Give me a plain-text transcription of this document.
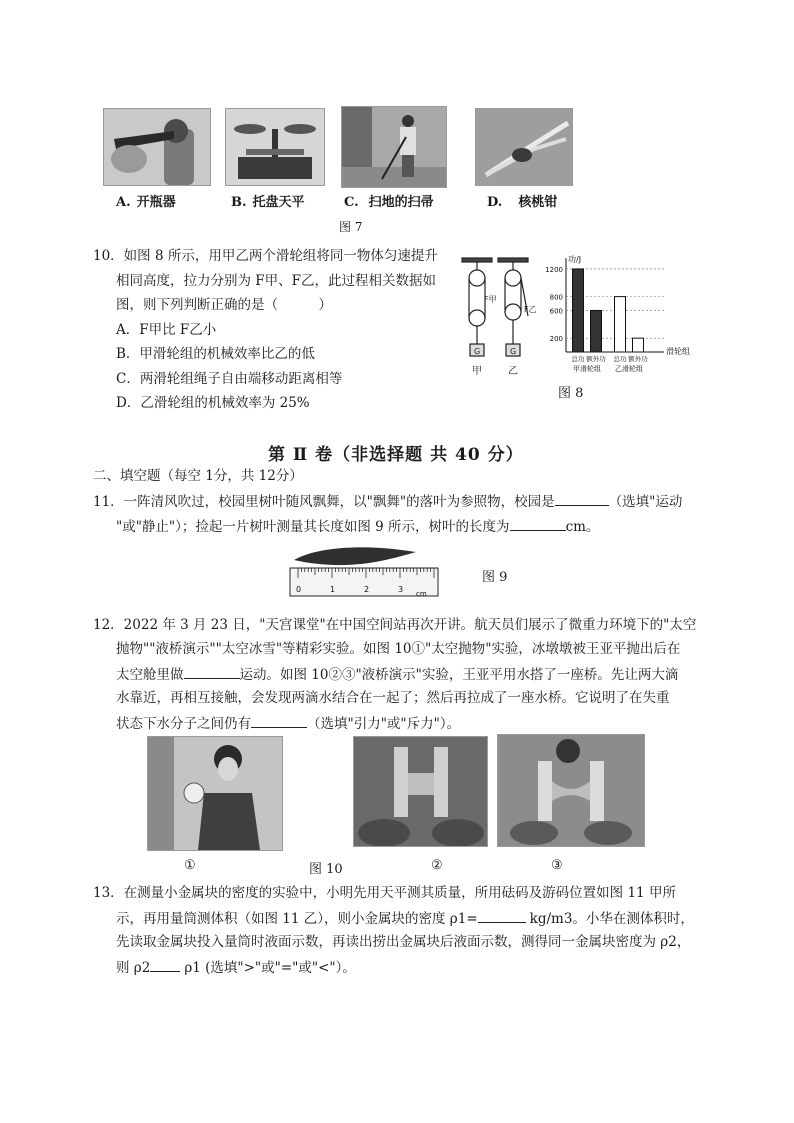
A. 开瓶器	B. 托盘天平	C. 扫地的扫帚	D. 核桃钳
图 7
10．如图 8 所示，用甲乙两个滑轮组将同一物体匀速提升
相同高度，拉力分别为 F甲、F乙，此过程相关数据如
图，则下列判断正确的是（　　　）
A．F甲比 F乙小
B．甲滑轮组的机械效率比乙的低
C．两滑轮组绳子自由端移动距离相等
D．乙滑轮组的机械效率为 25%
F甲
F乙
G	G
甲	乙
功/J
滑轮组
200
600
800
1200
总功 额外功 总功 额外功
甲滑轮组 乙滑轮组
图 8
第 Ⅱ 卷（非选择题 共 40 分）
二、填空题（每空 1分，共 12分）
11．一阵清风吹过，校园里树叶随风飘舞，以"飘舞"的落叶为参照物，校园是	（选填"运动
"或"静止"）；捡起一片树叶测量其长度如图 9 所示，树叶的长度为	cm。
0	1	2	3 cm
图 9
12．2022 年 3 月 23 日，"天宫课堂"在中国空间站再次开讲。航天员们展示了微重力环境下的"太空
抛物""液桥演示""太空冰雪"等精彩实验。如图 10①"太空抛物"实验，冰墩墩被王亚平抛出后在
太空舱里做	运动。如图 10②③"液桥演示"实验，王亚平用水搭了一座桥。先让两大滴
水靠近，再相互接触，会发现两滴水结合在一起了；然后再拉成了一座水桥。它说明了在失重
状态下水分子之间仍有	（选填"引力"或"斥力"）。
①	图 10	②	③
13．在测量小金属块的密度的实验中，小明先用天平测其质量，所用砝码及游码位置如图 11 甲所
示，再用量筒测体积（如图 11 乙），则小金属块的密度 ρ1=	kg/m3。小华在测体积时，
先读取金属块投入量筒时液面示数，再读出捞出金属块后液面示数，测得同一金属块密度为 ρ2，
则 ρ2	ρ1 (选填">"或"="或"<"）。
